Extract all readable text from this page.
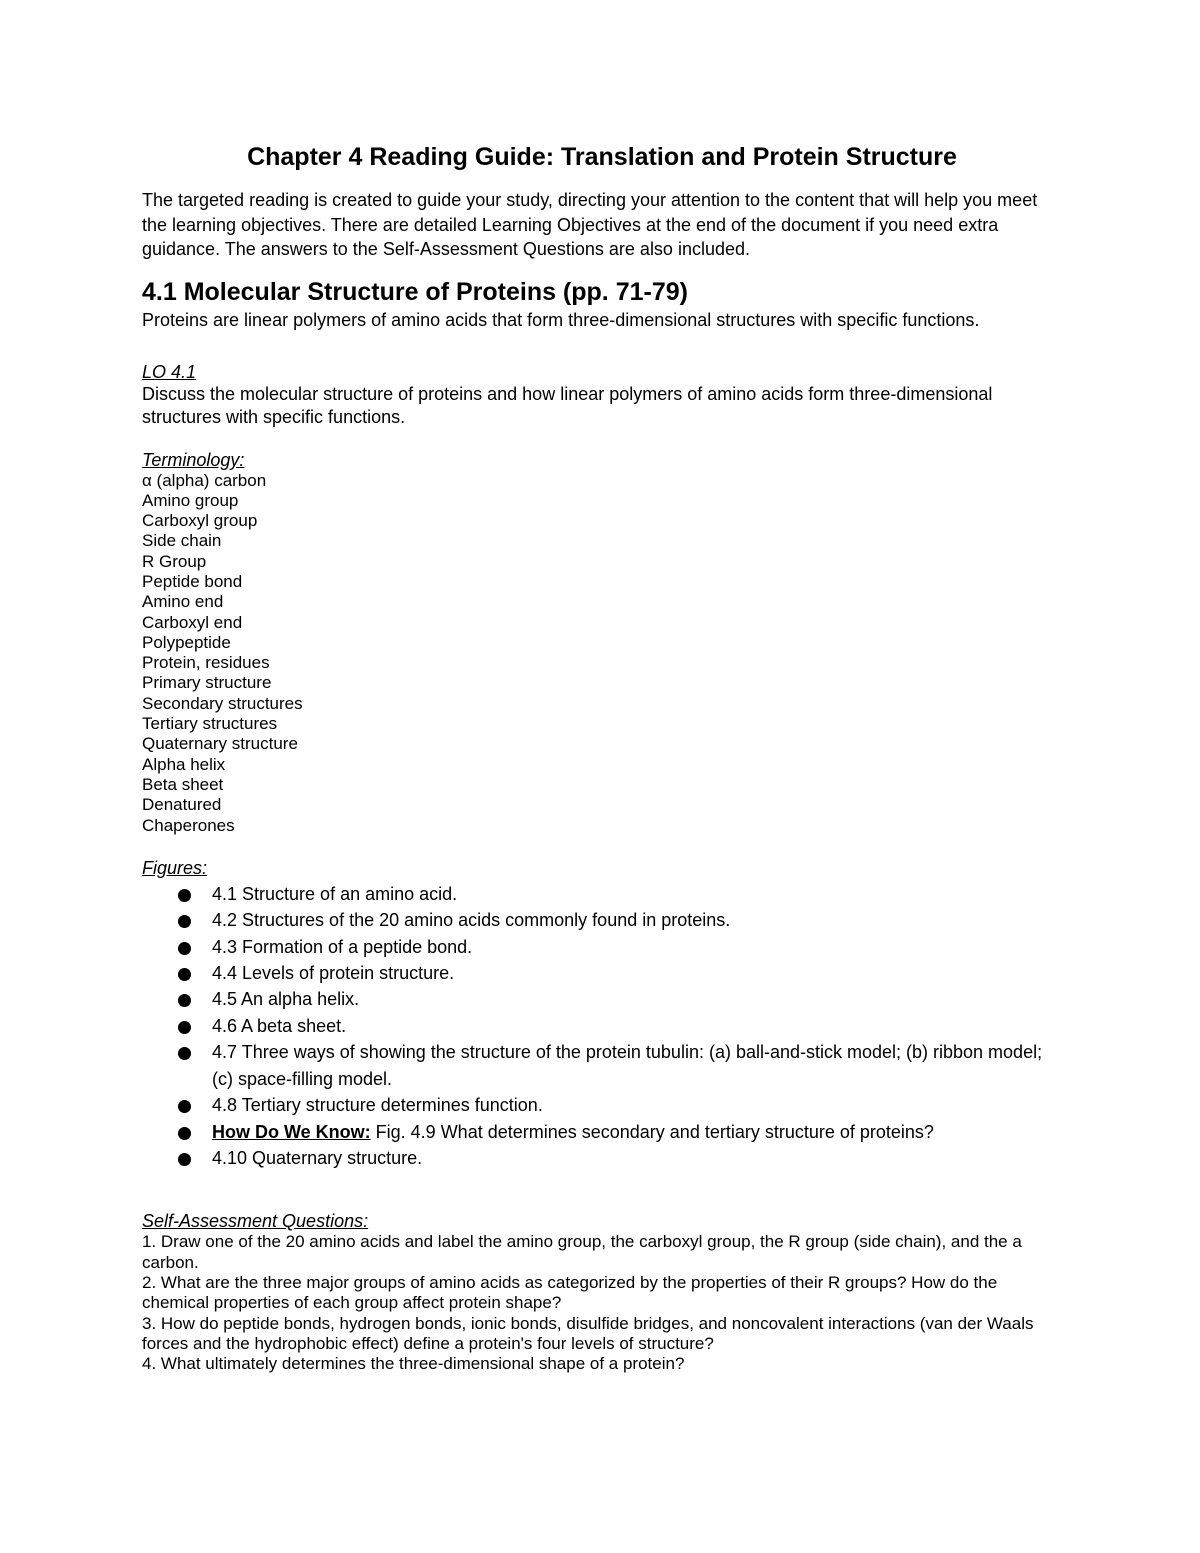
Chapter 4 Reading Guide: Translation and Protein Structure

The targeted reading is created to guide your study, directing your attention to the content that will help you meet the learning objectives. There are detailed Learning Objectives at the end of the document if you need extra guidance. The answers to the Self-Assessment Questions are also included.

4.1 Molecular Structure of Proteins (pp. 71-79)

Proteins are linear polymers of amino acids that form three-dimensional structures with specific functions.

LO 4.1

Discuss the molecular structure of proteins and how linear polymers of amino acids form three-dimensional structures with specific functions.

Terminology:

α (alpha) carbon
Amino group
Carboxyl group
Side chain
R Group
Peptide bond
Amino end
Carboxyl end
Polypeptide
Protein, residues
Primary structure
Secondary structures
Tertiary structures
Quaternary structure
Alpha helix
Beta sheet
Denatured
Chaperones

Figures:

4.1 Structure of an amino acid.
4.2 Structures of the 20 amino acids commonly found in proteins.
4.3 Formation of a peptide bond.
4.4 Levels of protein structure.
4.5 An alpha helix.
4.6 A beta sheet.
4.7 Three ways of showing the structure of the protein tubulin: (a) ball-and-stick model; (b) ribbon model; (c) space-filling model.
4.8 Tertiary structure determines function.
How Do We Know: Fig. 4.9 What determines secondary and tertiary structure of proteins?
4.10 Quaternary structure.

Self-Assessment Questions:

1. Draw one of the 20 amino acids and label the amino group, the carboxyl group, the R group (side chain), and the a carbon.
2. What are the three major groups of amino acids as categorized by the properties of their R groups? How do the chemical properties of each group affect protein shape?
3. How do peptide bonds, hydrogen bonds, ionic bonds, disulfide bridges, and noncovalent interactions (van der Waals forces and the hydrophobic effect) define a protein's four levels of structure?
4. What ultimately determines the three-dimensional shape of a protein?
